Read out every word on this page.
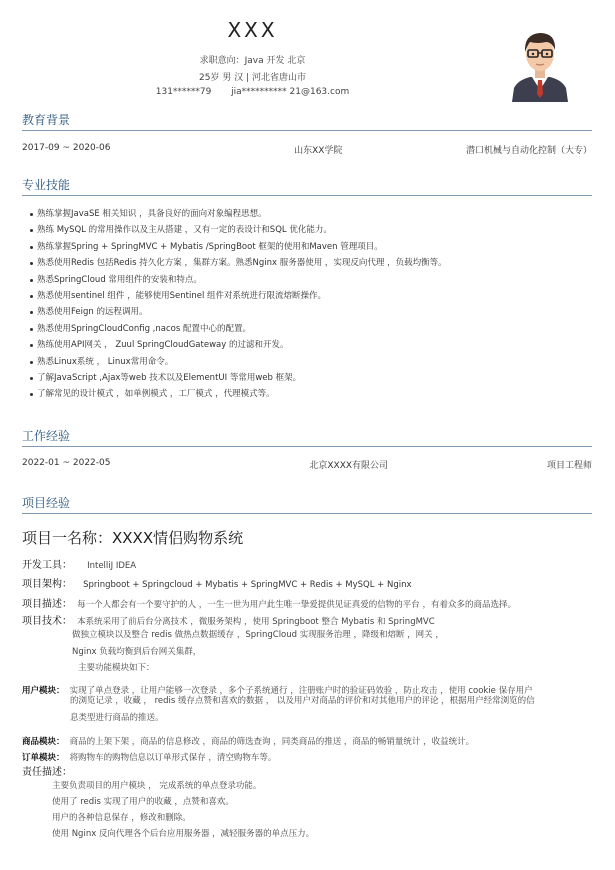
XXX
求职意向：Java 开发 北京
25岁 男 汉 | 河北省唐山市
131******79 jia********** 21@163.com
教育背景
2017-09 ~ 2020-06	山东XX学院	潜口机械与自动化控制（大专）
专业技能
熟练掌握JavaSE 相关知识 ，具备良好的面向对象编程思想。
熟练 MySQL 的常用操作以及主从搭建 ，又有一定的表设计和SQL 优化能力。
熟练掌握Spring + SpringMVC + Mybatis /SpringBoot 框架的使用和Maven 管理项目。
熟悉使用Redis 包括Redis 持久化方案 ，集群方案。熟悉Nginx 服务器使用 ，实现反向代理 ，负载均衡等。
熟悉SpringCloud 常用组件的安装和特点。
熟悉使用sentinel 组件 ，能够使用Sentinel 组件对系统进行限流熔断操作。
熟悉使用Feign 的远程调用。
熟悉使用SpringCloudConfig ,nacos 配置中心的配置。
熟练使用API网关 ， Zuul SpringCloudGateway 的过滤和开发。
熟悉Linux系统 ， Linux常用命令。
了解JavaScript ,Ajax等web 技术以及ElementUI 等常用web 框架。
了解常见的设计模式 ，如单例模式 ，工厂模式 ，代理模式等。
工作经验
2022-01 ~ 2022-05	北京XXXX有限公司	项目工程师
项目经验
项目一名称：XXXX情侣购物系统
开发工具： IntelliJ IDEA
项目架构： Springboot + Springcloud + Mybatis + SpringMVC + Redis + MySQL + Nginx
项目描述： 每一个人都会有一个要守护的人 ，一生一世为用户此生唯一挚爱提供见证真爱的信物的平台 ，有着众多的商品选择。
项目技术： 本系统采用了前后台分离技术 ，微服务架构 ，使用 Springboot 整合 Mybatis 和 SpringMVC
做独立模块以及整合 redis 做热点数据缓存 ，SpringCloud 实现服务治理 ，降级和熔断 ，网关 ，
Nginx 负载均衡到后台网关集群，
主要功能模块如下：
用户模块： 实现了单点登录 ，让用户能够一次登录 ，多个子系统通行 ，注册账户时的验证码效验 ，防止攻击 ，使用 cookie 保存用户
的浏览记录 ，收藏 ， redis 缓存点赞和喜欢的数据 ， 以及用户对商品的评价和对其他用户的评论 ，根据用户经常浏览的信
息类型进行商品的推送。
商品模块： 商品的上架下架 ，商品的信息修改 ，商品的筛选查询 ，同类商品的推送 ，商品的畅销量统计 ，收益统计。
订单模块： 将购物车的购物信息以订单形式保存 ，清空购物车等。
责任描述：
主要负责项目的用户模块 ， 完成系统的单点登录功能。
使用了 redis 实现了用户的收藏 ，点赞和喜欢。
用户的各种信息保存 ，修改和删除。
使用 Nginx 反向代理各个后台应用服务器 ，减轻服务器的单点压力。
